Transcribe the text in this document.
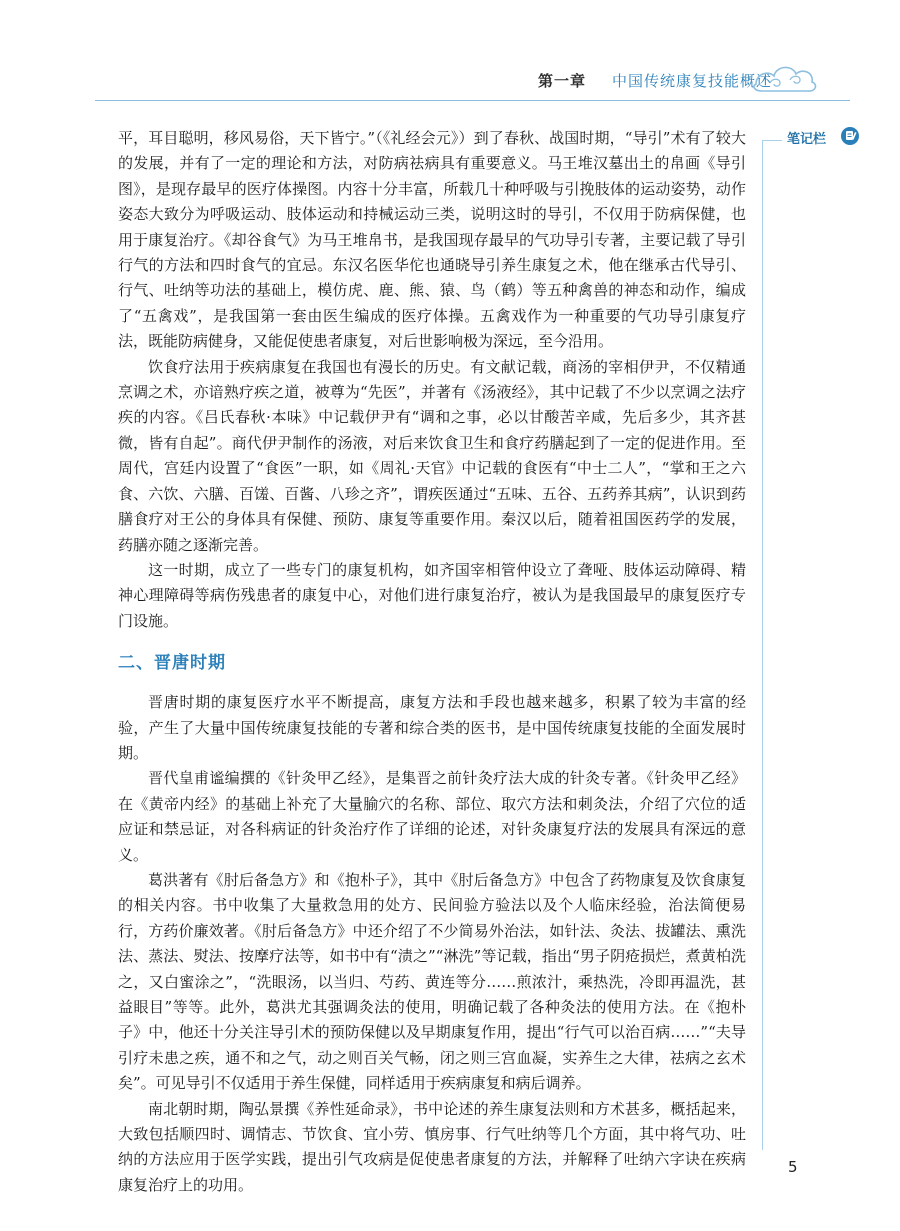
第一章 中国传统康复技能概述
笔记栏

平，耳目聪明，移风易俗，天下皆宁。”（《礼经会元》）到了春秋、战国时期，“导引”术有了较大的发展，并有了一定的理论和方法，对防病祛病具有重要意义。马王堆汉墓出土的帛画《导引图》，是现存最早的医疗体操图。内容十分丰富，所载几十种呼吸与引挽肢体的运动姿势，动作姿态大致分为呼吸运动、肢体运动和持械运动三类，说明这时的导引，不仅用于防病保健，也用于康复治疗。《却谷食气》为马王堆帛书，是我国现存最早的气功导引专著，主要记载了导引行气的方法和四时食气的宜忌。东汉名医华佗也通晓导引养生康复之术，他在继承古代导引、行气、吐纳等功法的基础上，模仿虎、鹿、熊、猿、鸟（鹤）等五种禽兽的神态和动作，编成了“五禽戏”，是我国第一套由医生编成的医疗体操。五禽戏作为一种重要的气功导引康复疗法，既能防病健身，又能促使患者康复，对后世影响极为深远，至今沿用。

饮食疗法用于疾病康复在我国也有漫长的历史。有文献记载，商汤的宰相伊尹，不仅精通烹调之术，亦谙熟疗疾之道，被尊为“先医”，并著有《汤液经》，其中记载了不少以烹调之法疗疾的内容。《吕氏春秋·本味》中记载伊尹有“调和之事，必以甘酸苦辛咸，先后多少，其齐甚微，皆有自起”。商代伊尹制作的汤液，对后来饮食卫生和食疗药膳起到了一定的促进作用。至周代，宫廷内设置了“食医”一职，如《周礼·天官》中记载的食医有“中士二人”，“掌和王之六食、六饮、六膳、百馐、百酱、八珍之齐”，谓疾医通过“五味、五谷、五药养其病”，认识到药膳食疗对王公的身体具有保健、预防、康复等重要作用。秦汉以后，随着祖国医药学的发展，药膳亦随之逐渐完善。

这一时期，成立了一些专门的康复机构，如齐国宰相管仲设立了聋哑、肢体运动障碍、精神心理障碍等病伤残患者的康复中心，对他们进行康复治疗，被认为是我国最早的康复医疗专门设施。

二、晋唐时期

晋唐时期的康复医疗水平不断提高，康复方法和手段也越来越多，积累了较为丰富的经验，产生了大量中国传统康复技能的专著和综合类的医书，是中国传统康复技能的全面发展时期。

晋代皇甫谧编撰的《针灸甲乙经》，是集晋之前针灸疗法大成的针灸专著。《针灸甲乙经》在《黄帝内经》的基础上补充了大量腧穴的名称、部位、取穴方法和刺灸法，介绍了穴位的适应证和禁忌证，对各科病证的针灸治疗作了详细的论述，对针灸康复疗法的发展具有深远的意义。

葛洪著有《肘后备急方》和《抱朴子》，其中《肘后备急方》中包含了药物康复及饮食康复的相关内容。书中收集了大量救急用的处方、民间验方验法以及个人临床经验，治法简便易行，方药价廉效著。《肘后备急方》中还介绍了不少简易外治法，如针法、灸法、拔罐法、熏洗法、蒸法、熨法、按摩疗法等，如书中有“渍之”“淋洗”等记载，指出“男子阴疮损烂，煮黄柏洗之，又白蜜涂之”，“洗眼汤，以当归、芍药、黄连等分……煎浓汁，乘热洗，冷即再温洗，甚益眼目”等等。此外，葛洪尤其强调灸法的使用，明确记载了各种灸法的使用方法。在《抱朴子》中，他还十分关注导引术的预防保健以及早期康复作用，提出“行气可以治百病……”“夫导引疗未患之疾，通不和之气，动之则百关气畅，闭之则三宫血凝，实养生之大律，祛病之玄术矣”。可见导引不仅适用于养生保健，同样适用于疾病康复和病后调养。

南北朝时期，陶弘景撰《养性延命录》，书中论述的养生康复法则和方术甚多，概括起来，大致包括顺四时、调情志、节饮食、宜小劳、慎房事、行气吐纳等几个方面，其中将气功、吐纳的方法应用于医学实践，提出引气攻病是促使患者康复的方法，并解释了吐纳六字诀在疾病康复治疗上的功用。

5
